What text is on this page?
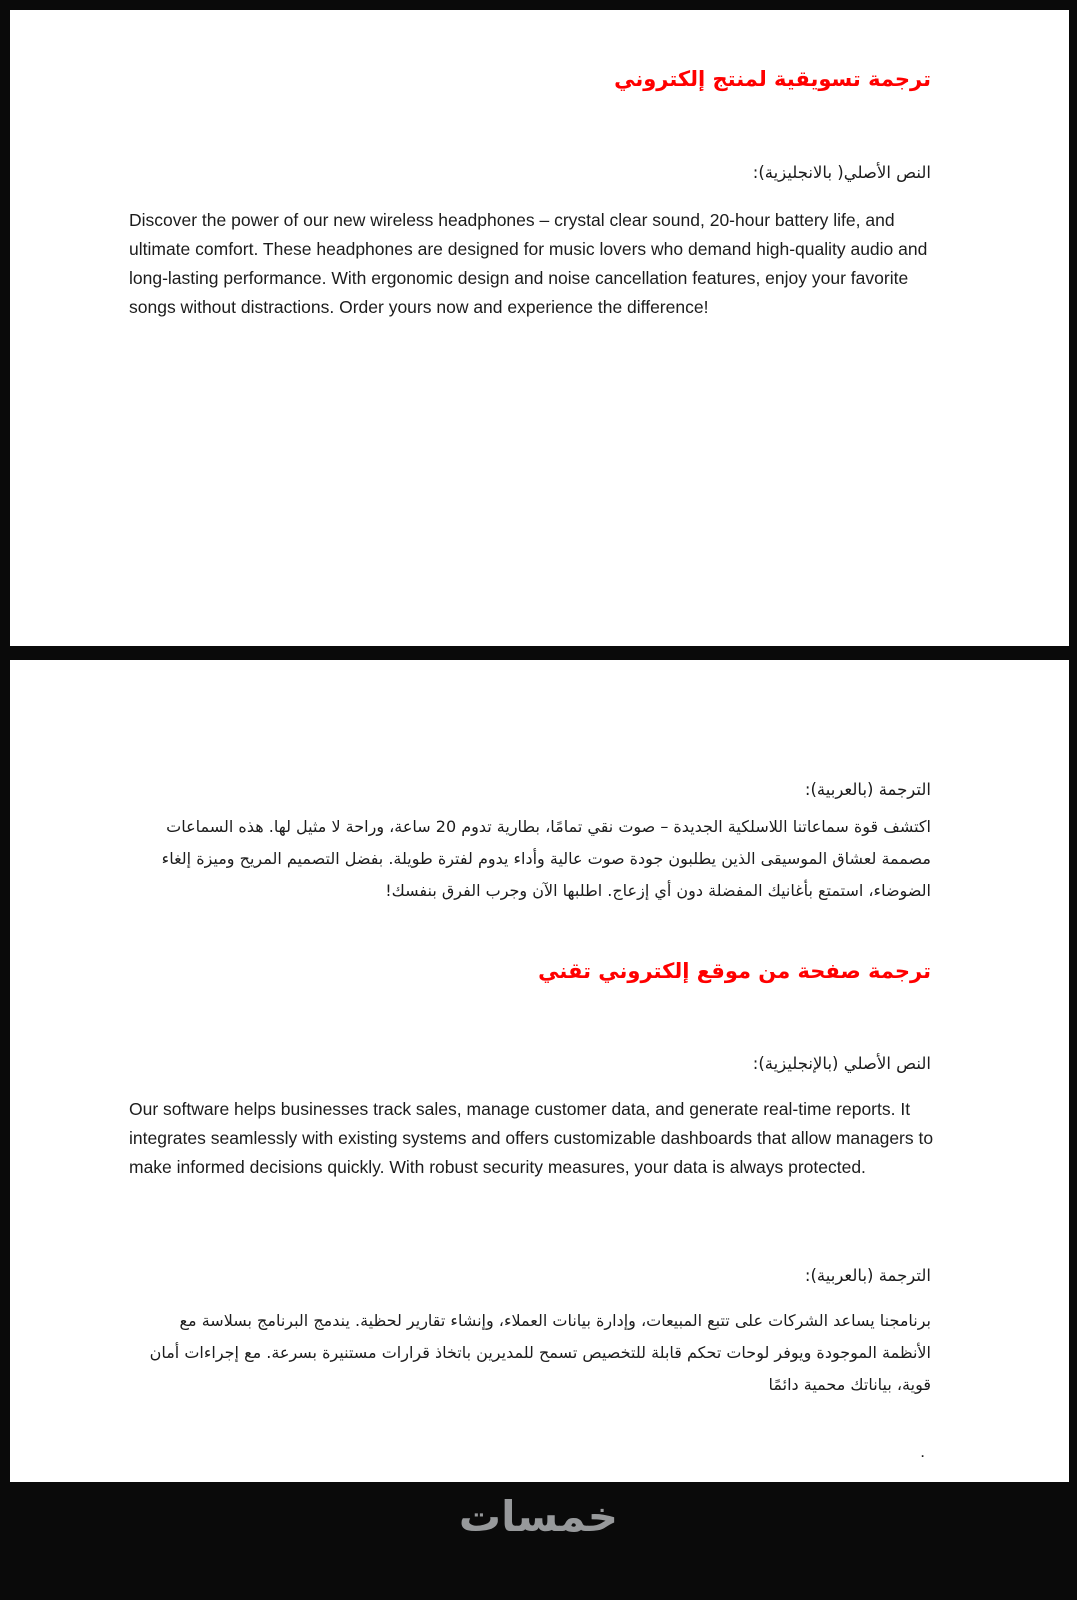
ترجمة تسويقية لمنتج إلكتروني
النص الأصلي( بالانجليزية):

Discover the power of our new wireless headphones – crystal clear sound, 20-hour battery life, and ultimate comfort. These headphones are designed for music lovers who demand high-quality audio and long-lasting performance. With ergonomic design and noise cancellation features, enjoy your favorite songs without distractions. Order yours now and experience the difference!

الترجمة (بالعربية):

اكتشف قوة سماعاتنا اللاسلكية الجديدة – صوت نقي تمامًا، بطارية تدوم 20 ساعة، وراحة لا مثيل لها. هذه السماعات مصممة لعشاق الموسيقى الذين يطلبون جودة صوت عالية وأداء يدوم لفترة طويلة. بفضل التصميم المريح وميزة إلغاء الضوضاء، استمتع بأغانيك المفضلة دون أي إزعاج. اطلبها الآن وجرب الفرق بنفسك!

ترجمة صفحة من موقع إلكتروني تقني
النص الأصلي (بالإنجليزية):

Our software helps businesses track sales, manage customer data, and generate real-time reports. It integrates seamlessly with existing systems and offers customizable dashboards that allow managers to make informed decisions quickly. With robust security measures, your data is always protected.

الترجمة (بالعربية):

برنامجنا يساعد الشركات على تتبع المبيعات، وإدارة بيانات العملاء، وإنشاء تقارير لحظية. يندمج البرنامج بسلاسة مع الأنظمة الموجودة ويوفر لوحات تحكم قابلة للتخصيص تسمح للمديرين باتخاذ قرارات مستنيرة بسرعة. مع إجراءات أمان قوية، بياناتك محمية دائمًا

.
خمسات
